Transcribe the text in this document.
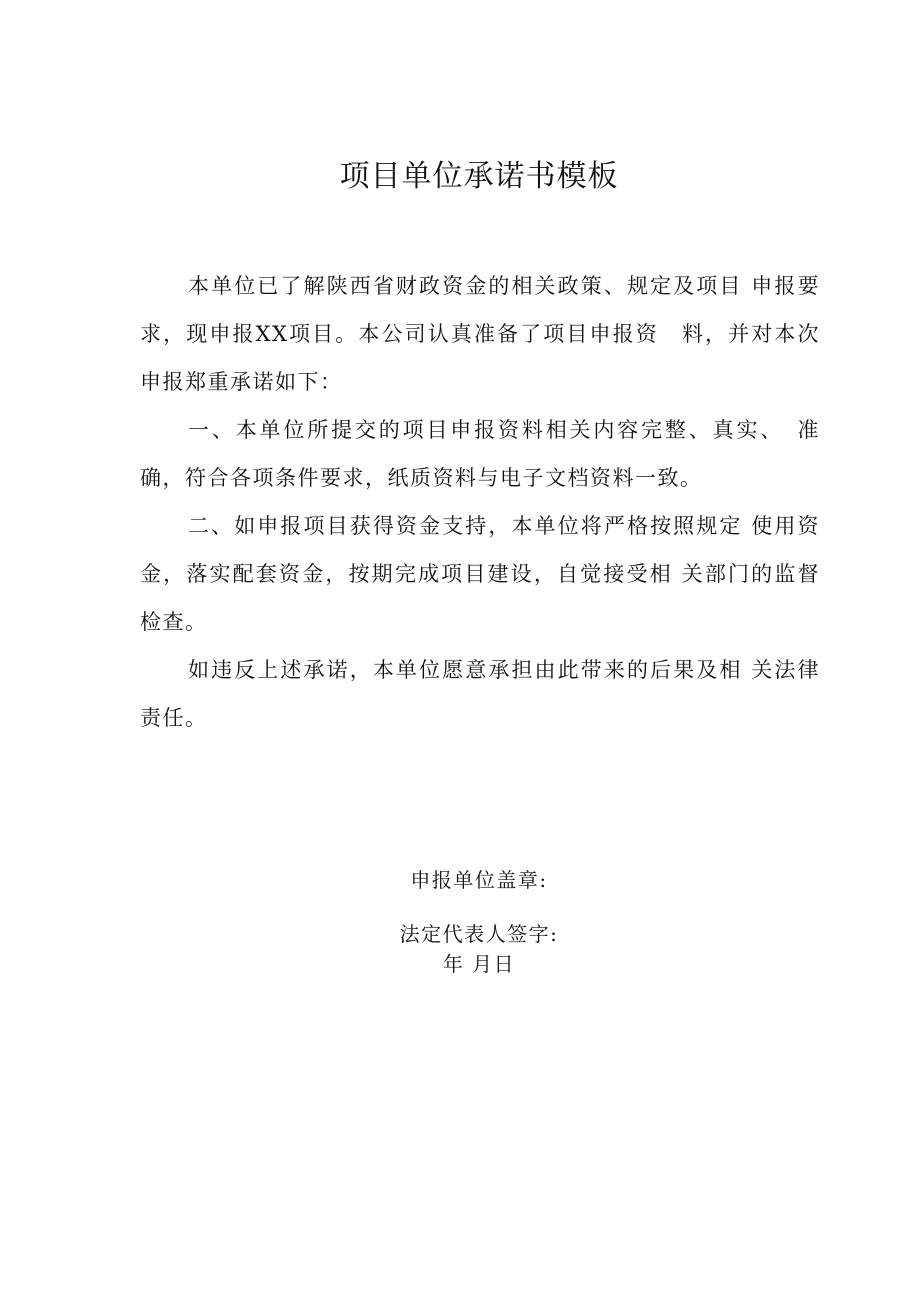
项目单位承诺书模板

本单位已了解陕西省财政资金的相关政策、规定及项目 申报要求，现申报XX项目。本公司认真准备了项目申报资　料，并对本次申报郑重承诺如下：

一、本单位所提交的项目申报资料相关内容完整、真实、　准确，符合各项条件要求，纸质资料与电子文档资料一致。

二、如申报项目获得资金支持，本单位将严格按照规定 使用资金，落实配套资金，按期完成项目建设，自觉接受相 关部门的监督检查。

如违反上述承诺，本单位愿意承担由此带来的后果及相 关法律责任。

申报单位盖章:
法定代表人签字:
年 月日
